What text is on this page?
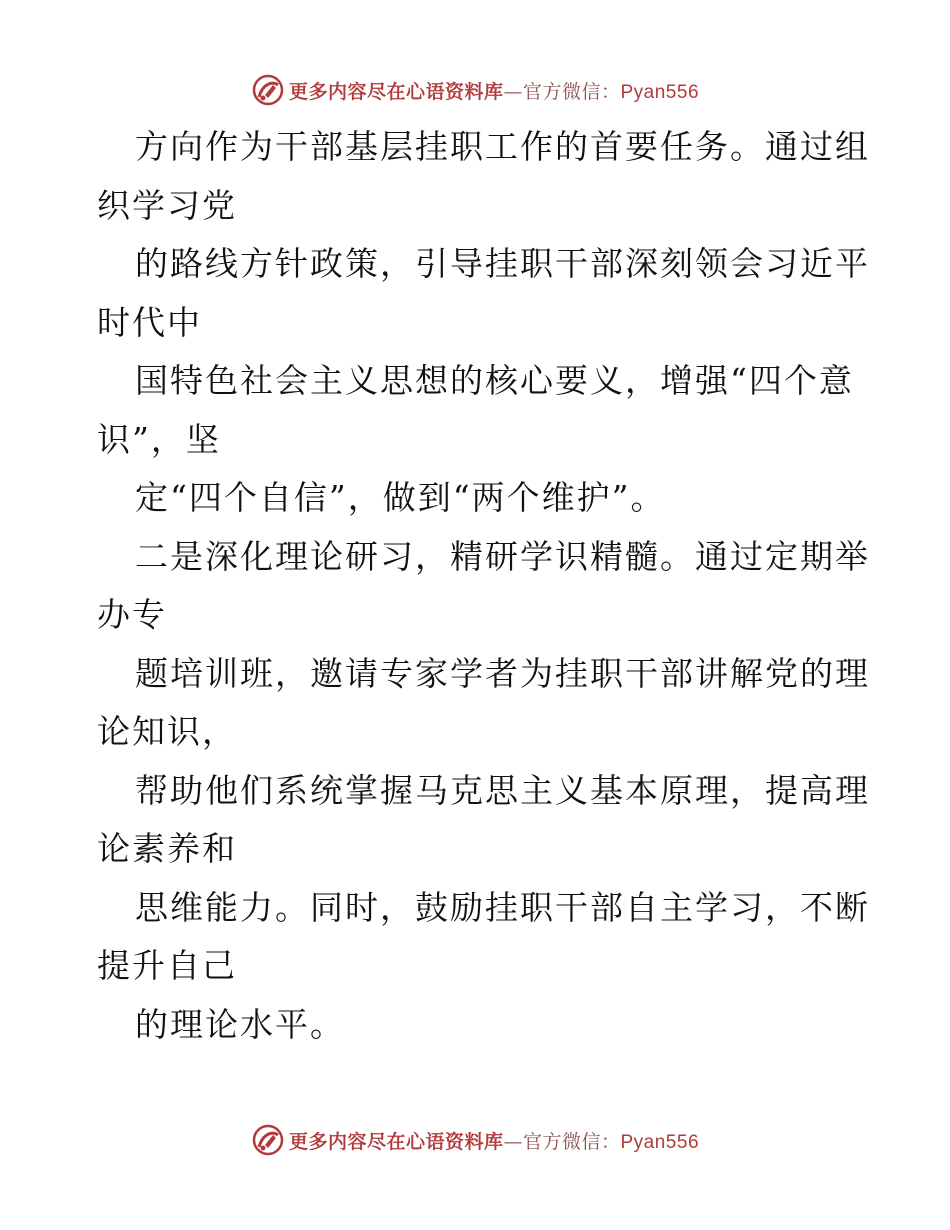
更多内容尽在心语资料库—官方微信：Pyan556
方向作为干部基层挂职工作的首要任务。通过组
织学习党
的路线方针政策，引导挂职干部深刻领会习近平
时代中
国特色社会主义思想的核心要义，增强“四个意
识”，坚
定“四个自信”，做到“两个维护”。
二是深化理论研习，精研学识精髓。通过定期举
办专
题培训班，邀请专家学者为挂职干部讲解党的理
论知识，
帮助他们系统掌握马克思主义基本原理，提高理
论素养和
思维能力。同时，鼓励挂职干部自主学习，不断
提升自己
的理论水平。
更多内容尽在心语资料库—官方微信：Pyan556
